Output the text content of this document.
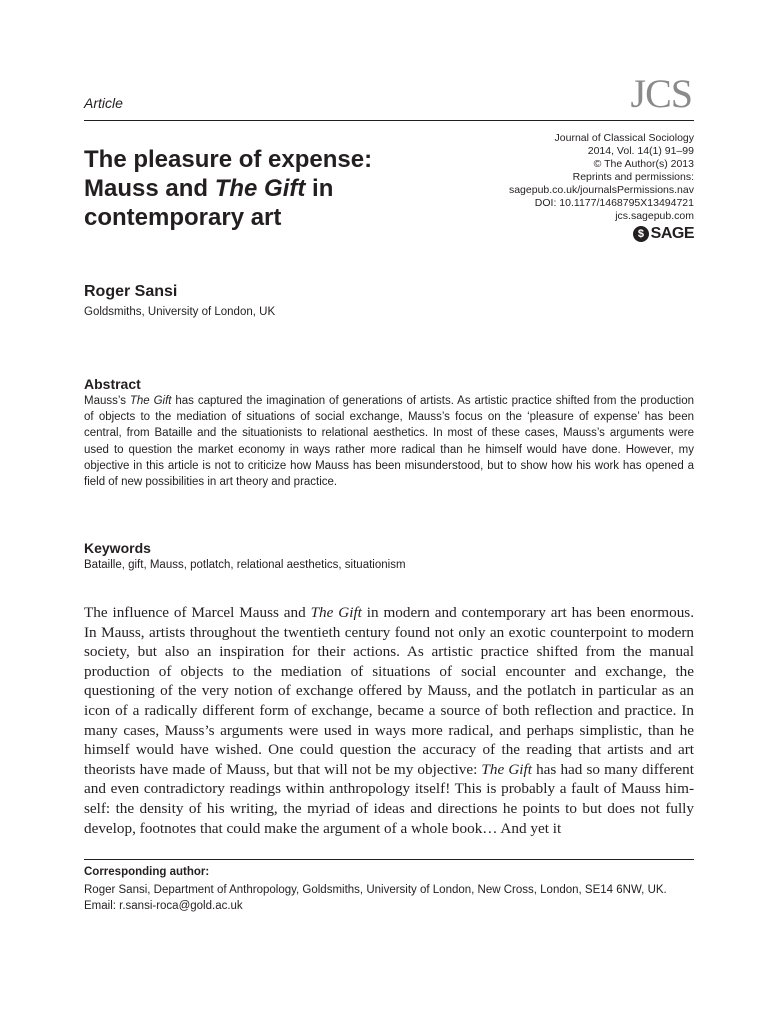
Article	JCS
The pleasure of expense:
Mauss and The Gift in
contemporary art
Journal of Classical Sociology
2014, Vol. 14(1) 91–99
© The Author(s) 2013
Reprints and permissions:
sagepub.co.uk/journalsPermissions.nav
DOI: 10.1177/1468795X13494721
jcs.sagepub.com
$ SAGE
Roger Sansi
Goldsmiths, University of London, UK
Abstract
Mauss’s The Gift has captured the imagination of generations of artists. As artistic practice shifted from the production of objects to the mediation of situations of social exchange, Mauss’s focus on the ‘pleasure of expense’ has been central, from Bataille and the situationists to relational aesthetics. In most of these cases, Mauss’s arguments were used to question the market economy in ways rather more radical than he himself would have done. However, my objective in this article is not to criticize how Mauss has been misunderstood, but to show how his work has opened a field of new possibilities in art theory and practice.
Keywords
Bataille, gift, Mauss, potlatch, relational aesthetics, situationism
The influence of Marcel Mauss and The Gift in modern and contemporary art has been enormous. In Mauss, artists throughout the twentieth century found not only an exotic counterpoint to modern society, but also an inspiration for their actions. As artistic practice shifted from the manual production of objects to the mediation of situations of social encounter and exchange, the questioning of the very notion of exchange offered by Mauss, and the potlatch in particular as an icon of a radically different form of exchange, became a source of both reflection and practice. In many cases, Mauss’s arguments were used in ways more radical, and perhaps simplistic, than he himself would have wished. One could question the accuracy of the reading that artists and art theorists have made of Mauss, but that will not be my objective: The Gift has had so many different and even contradictory readings within anthropology itself! This is probably a fault of Mauss himself: the density of his writing, the myriad of ideas and directions he points to but does not fully develop, footnotes that could make the argument of a whole book… And yet it
Corresponding author:
Roger Sansi, Department of Anthropology, Goldsmiths, University of London, New Cross, London, SE14 6NW, UK.
Email: r.sansi-roca@gold.ac.uk
